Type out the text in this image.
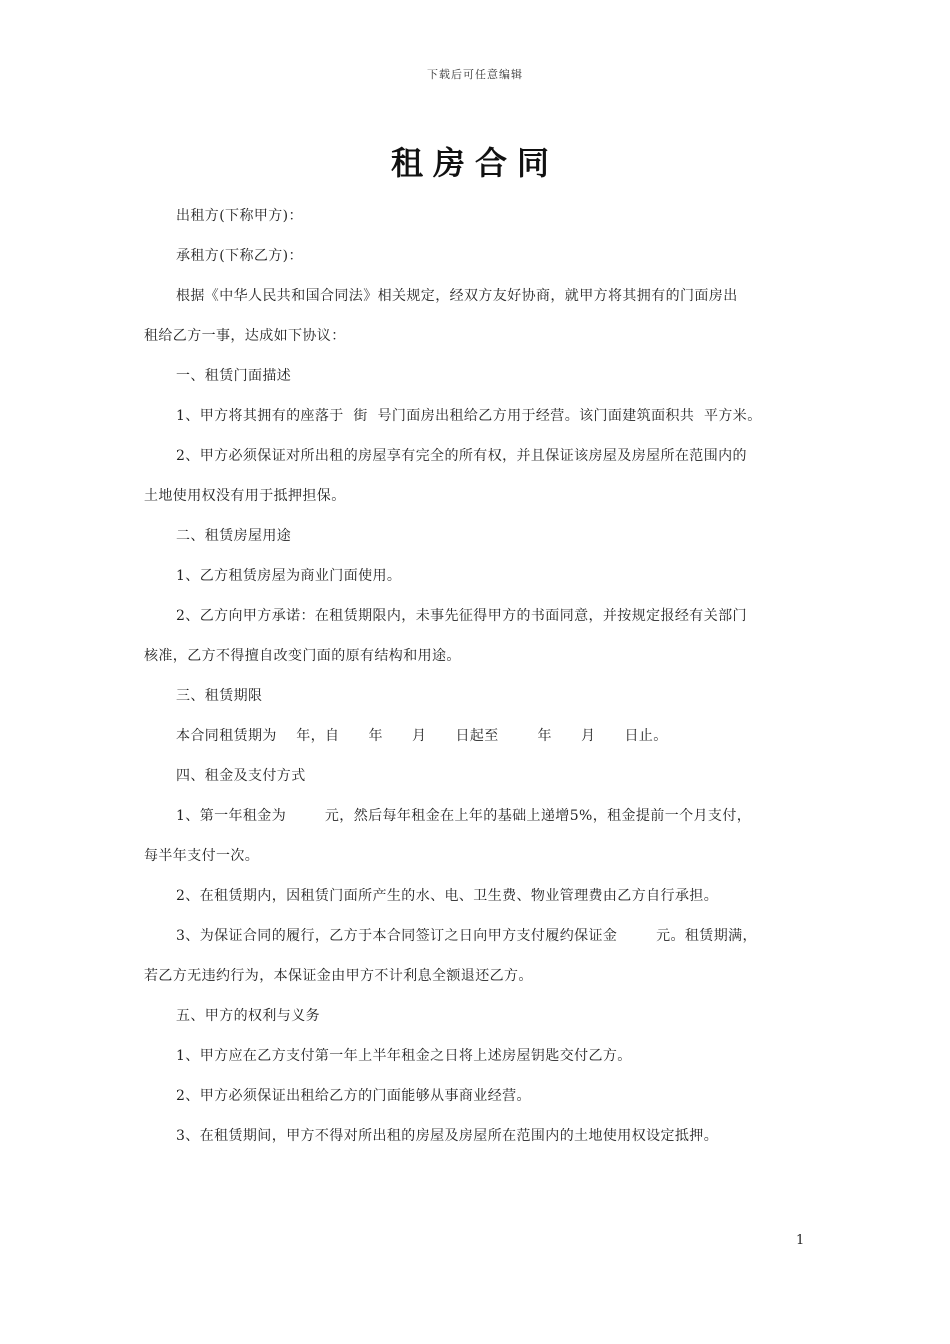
下载后可任意编辑
租房合同
出租方(下称甲方)：
承租方(下称乙方)：
根据《中华人民共和国合同法》相关规定，经双方友好协商，就甲方将其拥有的门面房出
租给乙方一事，达成如下协议：
一、租赁门面描述
1、甲方将其拥有的座落于  街  号门面房出租给乙方用于经营。该门面建筑面积共  平方米。
2、甲方必须保证对所出租的房屋享有完全的所有权，并且保证该房屋及房屋所在范围内的
土地使用权没有用于抵押担保。
二、租赁房屋用途
1、乙方租赁房屋为商业门面使用。
2、乙方向甲方承诺：在租赁期限内，未事先征得甲方的书面同意，并按规定报经有关部门
核准，乙方不得擅自改变门面的原有结构和用途。
三、租赁期限
本合同租赁期为    年，自      年      月      日起至        年      月      日止。
四、租金及支付方式
1、第一年租金为        元，然后每年租金在上年的基础上递增5%，租金提前一个月支付，
每半年支付一次。
2、在租赁期内，因租赁门面所产生的水、电、卫生费、物业管理费由乙方自行承担。
3、为保证合同的履行，乙方于本合同签订之日向甲方支付履约保证金        元。租赁期满，
若乙方无违约行为，本保证金由甲方不计利息全额退还乙方。
五、甲方的权利与义务
1、甲方应在乙方支付第一年上半年租金之日将上述房屋钥匙交付乙方。
2、甲方必须保证出租给乙方的门面能够从事商业经营。
3、在租赁期间，甲方不得对所出租的房屋及房屋所在范围内的土地使用权设定抵押。
1
